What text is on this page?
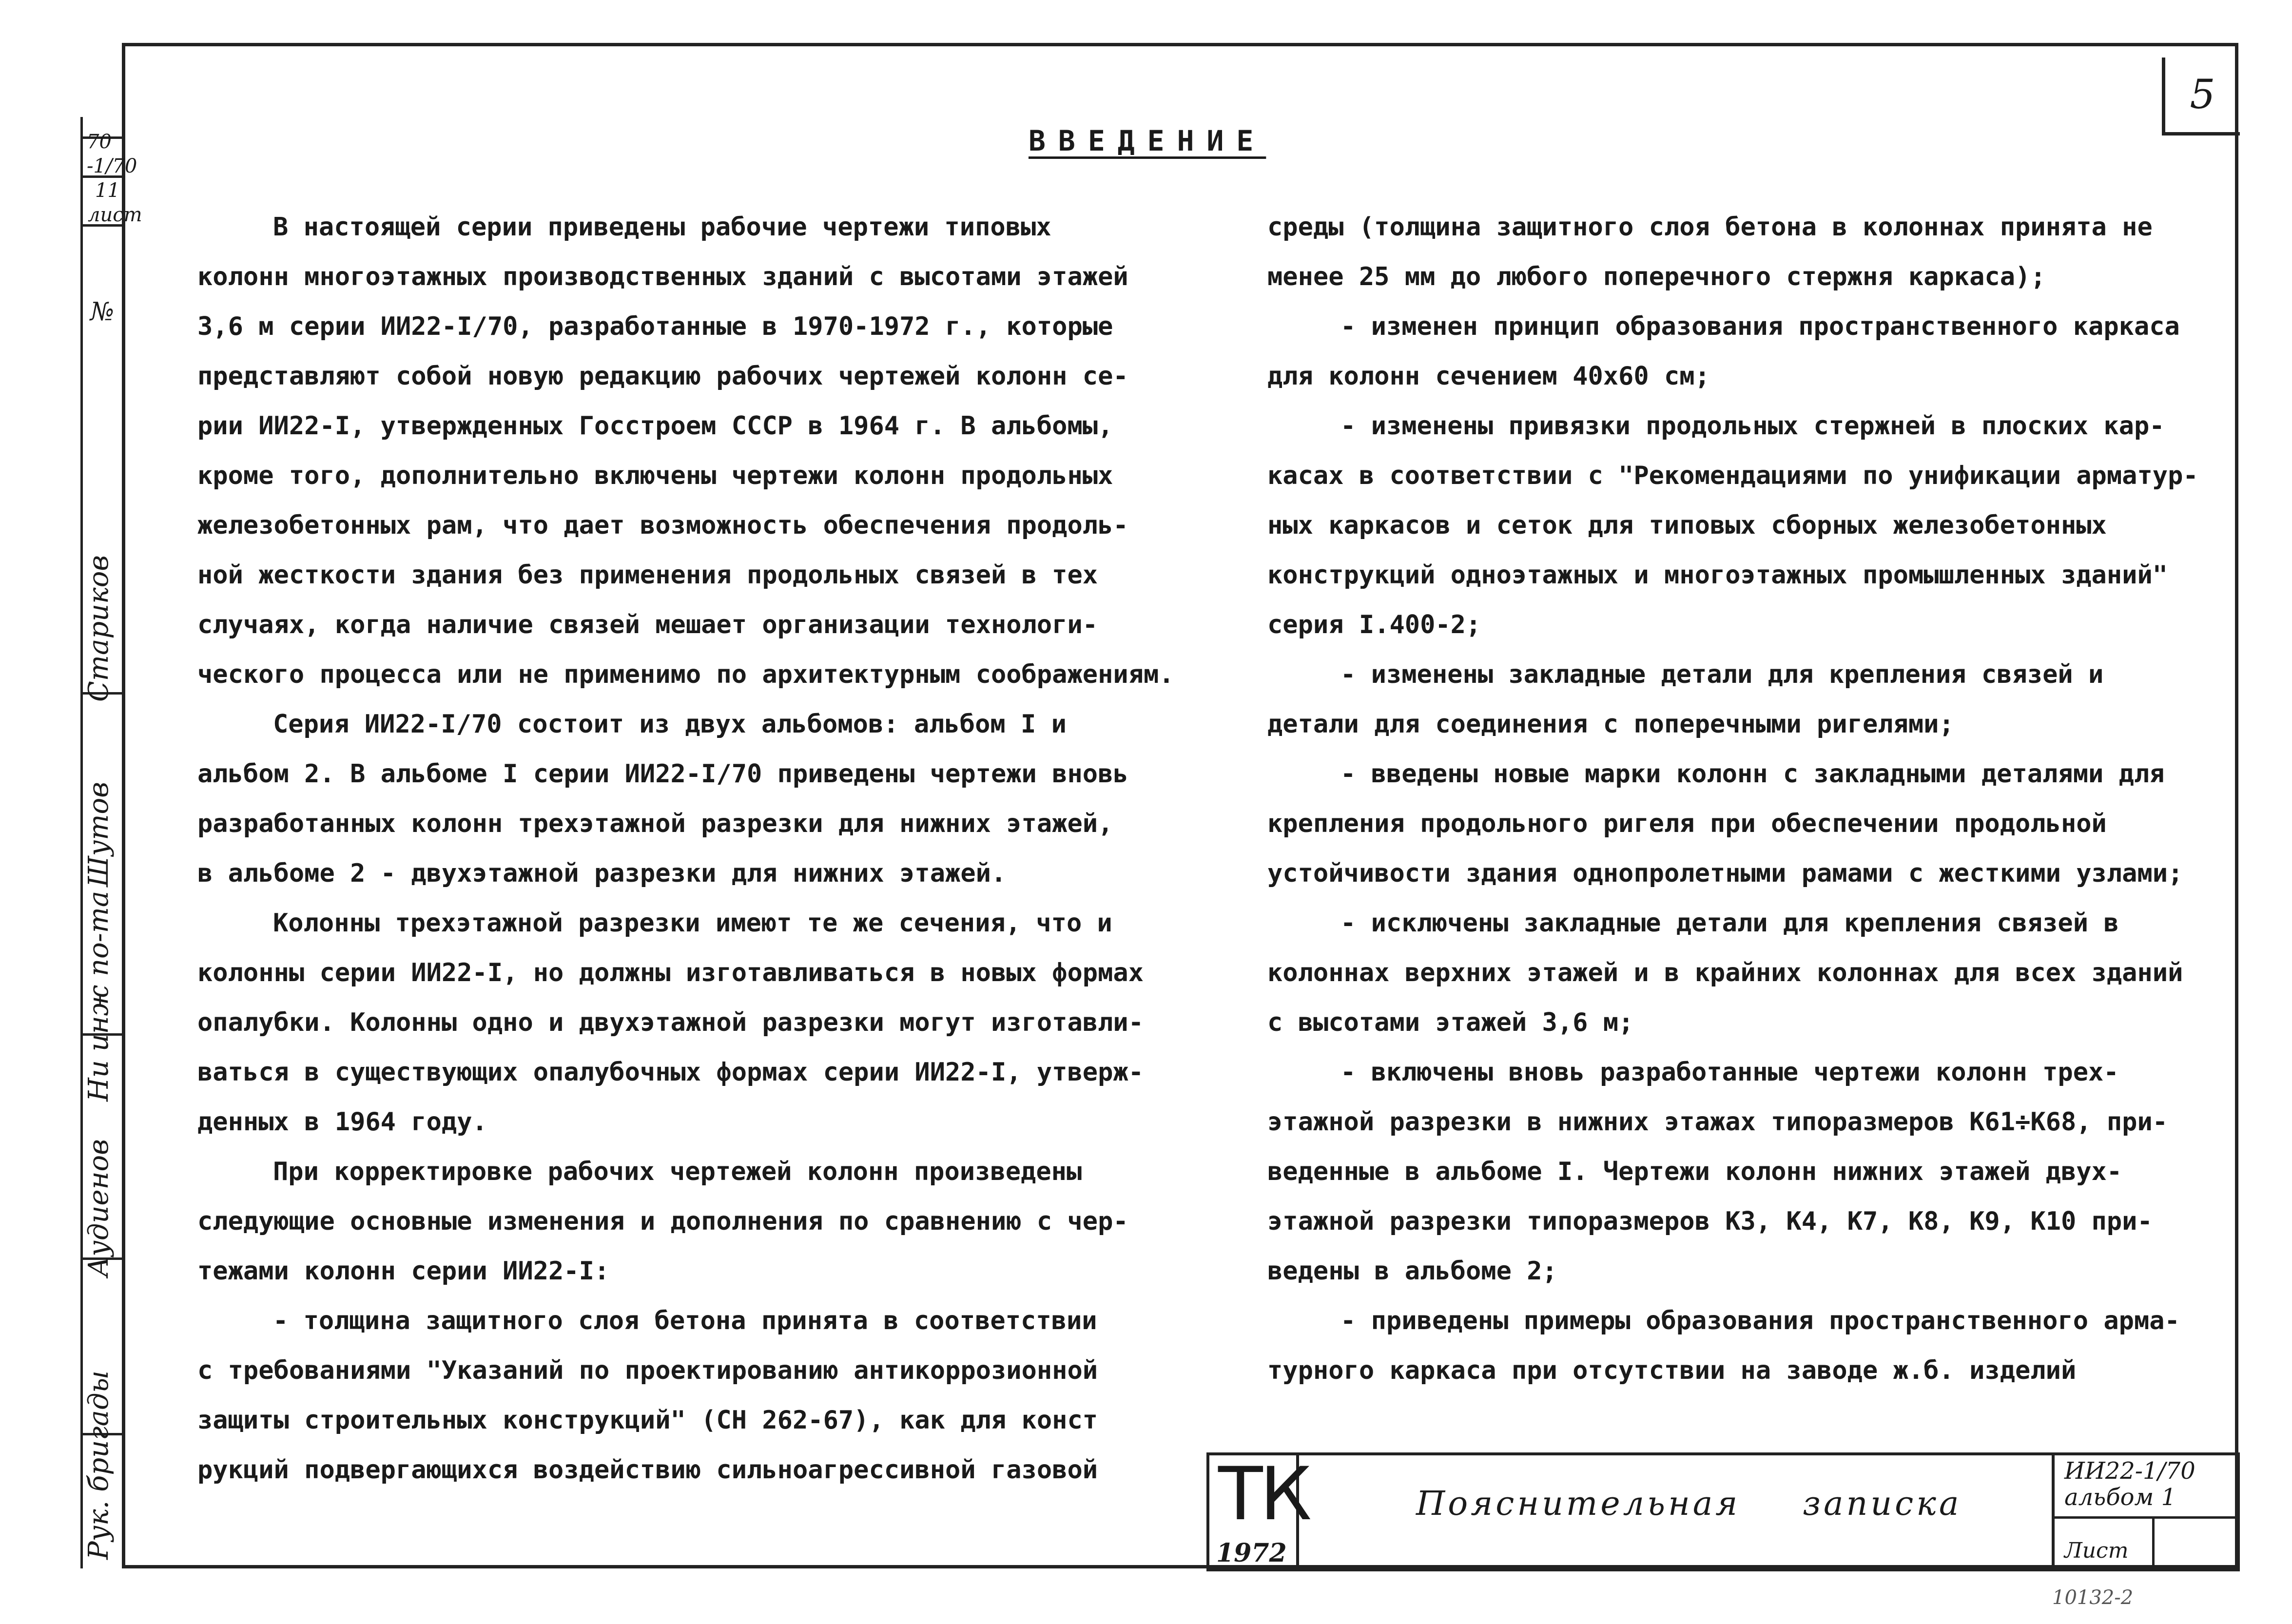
5
ВВЕДЕНИЕ
В настоящей серии приведены рабочие чертежи типовых
колонн многоэтажных производственных зданий с высотами этажей
3,6 м серии ИИ22-I/70, разработанные в 1970-1972 г., которые
представляют собой новую редакцию рабочих чертежей колонн се-
рии ИИ22-I, утвержденных Госстроем СССР в 1964 г. В альбомы,
кроме того, дополнительно включены чертежи колонн продольных
железобетонных рам, что дает возможность обеспечения продоль-
ной жесткости здания без применения продольных связей в тех
случаях, когда наличие связей мешает организации технологи-
ческого процесса или не применимо по архитектурным соображениям.
Серия ИИ22-I/70 состоит из двух альбомов: альбом I и
альбом 2. В альбоме I серии ИИ22-I/70 приведены чертежи вновь
разработанных колонн трехэтажной разрезки для нижних этажей,
в альбоме 2 - двухэтажной разрезки для нижних этажей.
Колонны трехэтажной разрезки имеют те же сечения, что и
колонны серии ИИ22-I, но должны изготавливаться в новых формах
опалубки. Колонны одно и двухэтажной разрезки могут изготавли-
ваться в существующих опалубочных формах серии ИИ22-I, утверж-
денных в 1964 году.
При корректировке рабочих чертежей колонн произведены
следующие основные изменения и дополнения по сравнению с чер-
тежами колонн серии ИИ22-I:
- толщина защитного слоя бетона принята в соответствии
с требованиями "Указаний по проектированию антикоррозионной
защиты строительных конструкций" (СН 262-67), как для конст
рукций подвергающихся воздействию сильноагрессивной газовой
среды (толщина защитного слоя бетона в колоннах принята не
менее 25 мм до любого поперечного стержня каркаса);
- изменен принцип образования пространственного каркаса
для колонн сечением 40х60 см;
- изменены привязки продольных стержней в плоских кар-
касах в соответствии с "Рекомендациями по унификации арматур-
ных каркасов и сеток для типовых сборных железобетонных
конструкций одноэтажных и многоэтажных промышленных зданий"
серия I.400-2;
- изменены закладные детали для крепления связей и
детали для соединения с поперечными ригелями;
- введены новые марки колонн с закладными деталями для
крепления продольного ригеля при обеспечении продольной
устойчивости здания однопролетными рамами с жесткими узлами;
- исключены закладные детали для крепления связей в
колоннах верхних этажей и в крайних колоннах для всех зданий
с высотами этажей 3,6 м;
- включены вновь разработанные чертежи колонн трех-
этажной разрезки в нижних этажах типоразмеров К61÷К68, при-
веденные в альбоме I. Чертежи колонн нижних этажей двух-
этажной разрезки типоразмеров К3, К4, К7, К8, К9, К10 при-
ведены в альбоме 2;
- приведены примеры образования пространственного арма-
турного каркаса при отсутствии на заводе ж.б. изделий
70
-1/70
11
лист
№
Стариков
Шутов
Ни инж по-та
Аудиенов
Рук. бригады	ТК
1972
Пояснительная записка
ИИ22-1/70
альбом 1
Лист
10132-2
